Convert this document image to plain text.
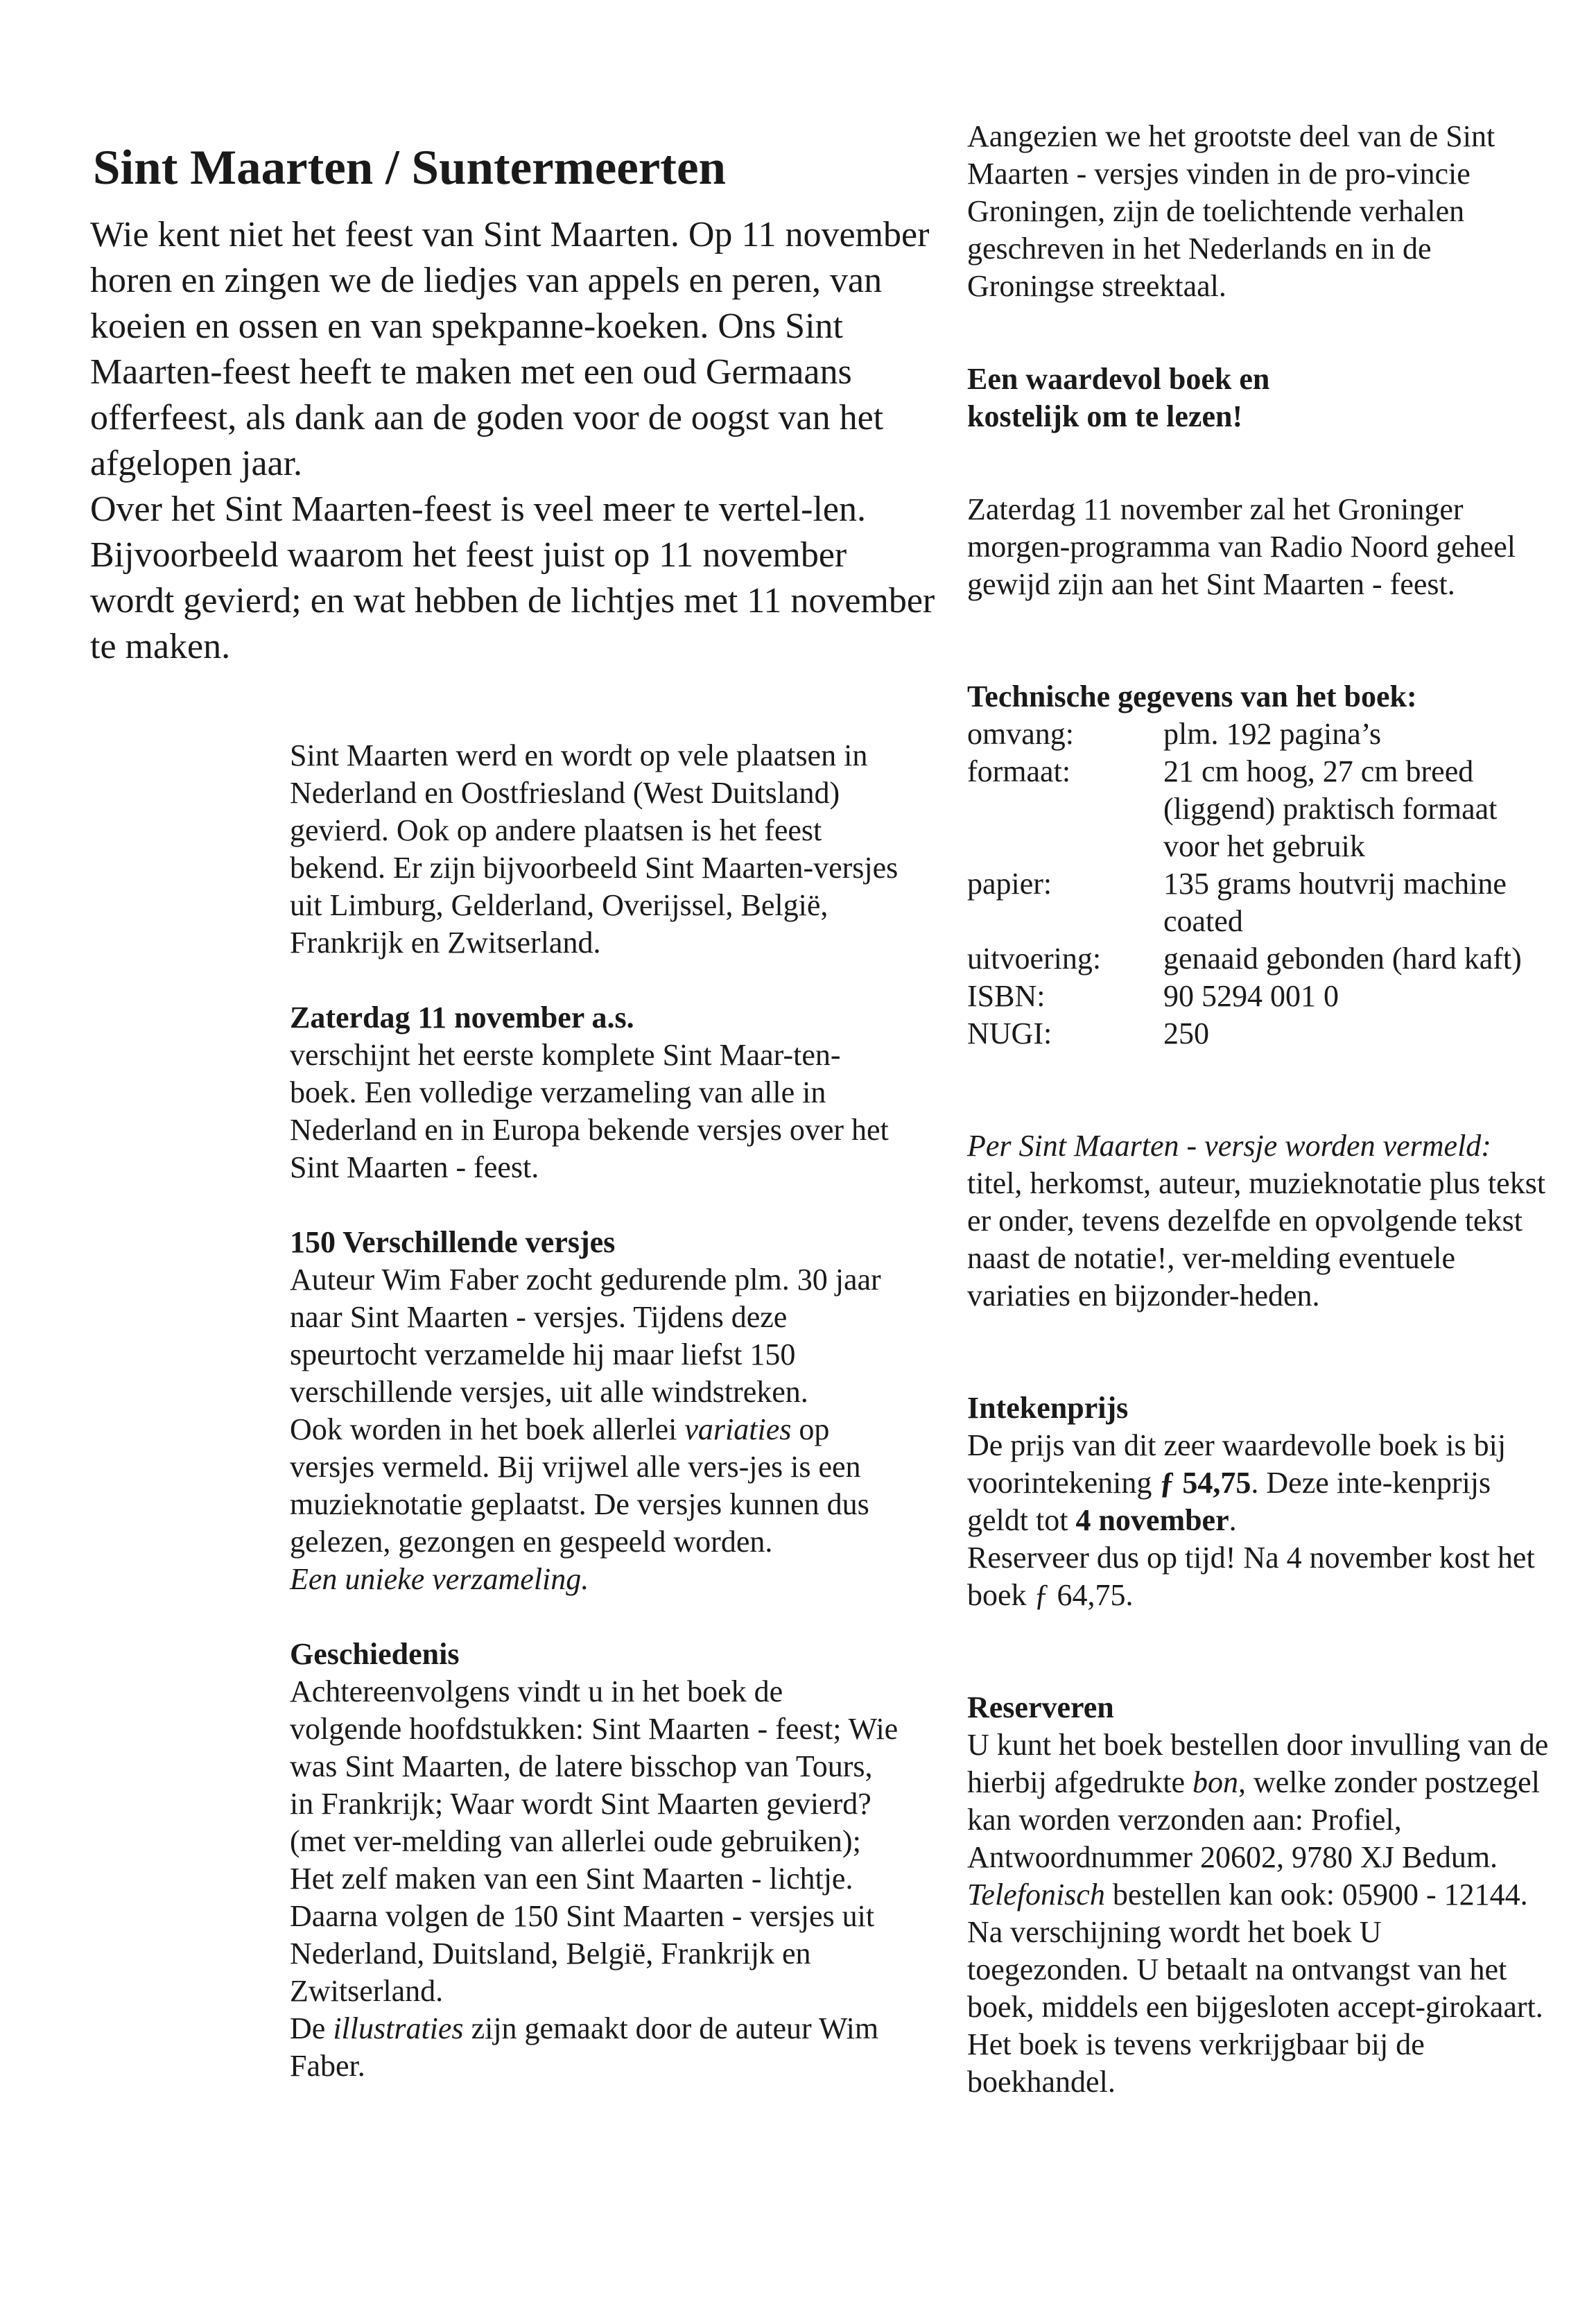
Sint Maarten / Suntermeerten

Wie kent niet het feest van Sint Maarten. Op 11 november horen en zingen we de liedjes van appels en peren, van koeien en ossen en van spekpanne-koeken. Ons Sint Maarten-feest heeft te maken met een oud Germaans offerfeest, als dank aan de goden voor de oogst van het afgelopen jaar.

Over het Sint Maarten-feest is veel meer te vertel-len. Bijvoorbeeld waarom het feest juist op 11 november wordt gevierd; en wat hebben de lichtjes met 11 november te maken.

Sint Maarten werd en wordt op vele plaatsen in Nederland en Oostfriesland (West Duitsland) gevierd. Ook op andere plaatsen is het feest bekend. Er zijn bijvoorbeeld Sint Maarten-versjes uit Limburg, Gelderland, Overijssel, België, Frankrijk en Zwitserland.

Zaterdag 11 november a.s.

verschijnt het eerste komplete Sint Maar-ten-boek. Een volledige verzameling van alle in Nederland en in Europa bekende versjes over het Sint Maarten - feest.

150 Verschillende versjes

Auteur Wim Faber zocht gedurende plm. 30 jaar naar Sint Maarten - versjes. Tijdens deze speurtocht verzamelde hij maar liefst 150 verschillende versjes, uit alle windstreken.

Ook worden in het boek allerlei variaties op versjes vermeld. Bij vrijwel alle vers-jes is een muzieknotatie geplaatst. De versjes kunnen dus gelezen, gezongen en gespeeld worden.

Een unieke verzameling.

Geschiedenis

Achtereenvolgens vindt u in het boek de volgende hoofdstukken: Sint Maarten - feest; Wie was Sint Maarten, de latere bisschop van Tours, in Frankrijk; Waar wordt Sint Maarten gevierd? (met ver-melding van allerlei oude gebruiken); Het zelf maken van een Sint Maarten - lichtje.

Daarna volgen de 150 Sint Maarten - versjes uit Nederland, Duitsland, België, Frankrijk en Zwitserland.

De illustraties zijn gemaakt door de auteur Wim Faber.

Aangezien we het grootste deel van de Sint Maarten - versjes vinden in de pro-vincie Groningen, zijn de toelichtende verhalen geschreven in het Nederlands en in de Groningse streektaal.

Een waardevol boek en
kostelijk om te lezen!

Zaterdag 11 november zal het Groninger morgen-programma van Radio Noord geheel gewijd zijn aan het Sint Maarten - feest.

Technische gegevens van het boek:

omvang:	plm. 192 pagina’s
formaat:	21 cm hoog, 27 cm breed (liggend) praktisch formaat voor het gebruik
papier:	135 grams houtvrij machine coated
uitvoering:	genaaid gebonden (hard kaft)
ISBN:	90 5294 001 0
NUGI:	250

Per Sint Maarten - versje worden vermeld:

titel, herkomst, auteur, muzieknotatie plus tekst er onder, tevens dezelfde en opvolgende tekst naast de notatie!, ver-melding eventuele variaties en bijzonder-heden.

Intekenprijs

De prijs van dit zeer waardevolle boek is bij voorintekening ƒ 54,75. Deze inte-kenprijs geldt tot 4 november.

Reserveer dus op tijd! Na 4 november kost het boek ƒ 64,75.

Reserveren

U kunt het boek bestellen door invulling van de hierbij afgedrukte bon, welke zonder postzegel kan worden verzonden aan: Profiel, Antwoordnummer 20602, 9780 XJ Bedum.

Telefonisch bestellen kan ook: 05900 - 12144. Na verschijning wordt het boek U toegezonden. U betaalt na ontvangst van het boek, middels een bijgesloten accept-girokaart.

Het boek is tevens verkrijgbaar bij de boekhandel.
